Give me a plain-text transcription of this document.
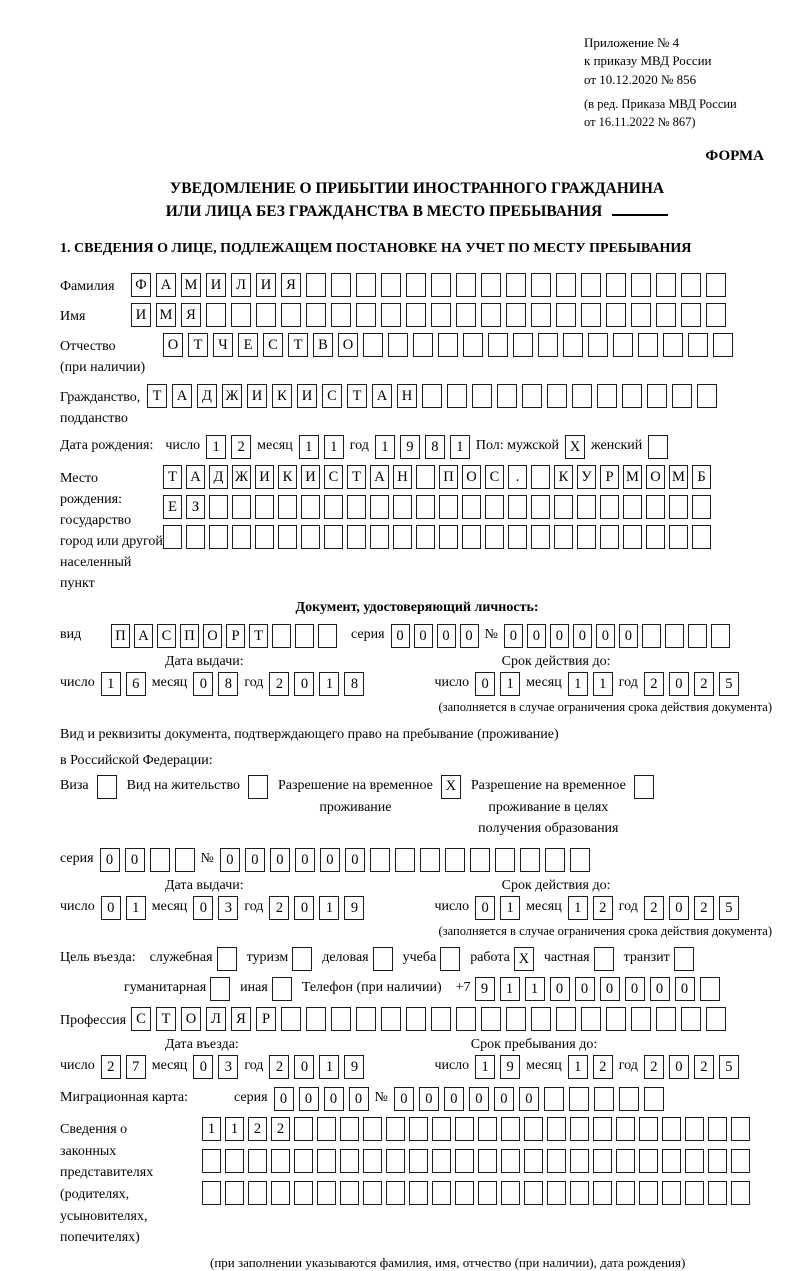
Приложение № 4
к приказу МВД России
от 10.12.2020 № 856
(в ред. Приказа МВД России
от 16.11.2022 № 867)
ФОРМА
УВЕДОМЛЕНИЕ О ПРИБЫТИИ ИНОСТРАННОГО ГРАЖДАНИНА
ИЛИ ЛИЦА БЕЗ ГРАЖДАНСТВА В МЕСТО ПРЕБЫВАНИЯ
1. СВЕДЕНИЯ О ЛИЦЕ, ПОДЛЕЖАЩЕМ ПОСТАНОВКЕ НА УЧЕТ ПО МЕСТУ ПРЕБЫВАНИЯ
Фамилия	Ф А М И	Л	И	Я
Имя	И М Я
Отчество
(при наличии)
О	Т	Ч	Е	С	Т	В	О
Гражданство,
подданство
Т	А	Д Ж И	К	И	С	Т	А	Н
Дата рождения: число 1	2 месяц 1	1 год 1	9	8	1 Пол: мужской X женский
Место рождения:
государство
город или другой
населенный пункт
Т А Д Ж И К И С Т А Н П О С	.	К У Р М О М Б
Е	З
Документ, удостоверяющий личность:
вид	П А С П О Р	Т	серия 0	0	0	0 № 0	0	0	0	0	0
Дата выдачи:	Срок действия до:
число 1	6 месяц 0	8 год 2	0	1	8	число 0	1 месяц 1	1 год 2	0	2	5
(заполняется в случае ограничения срока действия документа)
Вид и реквизиты документа, подтверждающего право на пребывание (проживание)
в Российской Федерации:
Виза	Вид на жительство	Разрешение на временное
проживание
X	Разрешение на временное
проживание в целях
получения образования
серия 0	0	№ 0	0	0	0	0	0
Дата выдачи:	Срок действия до:
число 0	1 месяц 0	3 год 2	0	1	9	число 0	1 месяц 1	2 год 2	0	2	5
(заполняется в случае ограничения срока действия документа)
Цель въезда: служебная туризм деловая учеба работа X	частная транзит
гуманитарная иная Телефон (при наличии) +7 9	1	1	0	0	0	0	0	0
Профессия С	Т	О	Л	Я	Р
Дата въезда:	Срок пребывания до:
число 2	7 месяц 0	3 год 2	0	1	9	число 1	9 месяц 1	2 год 2	0	2	5
Миграционная карта:	серия 0	0	0	0 № 0	0	0	0	0	0
Сведения о
законных
представителях
(родителях,
усыновителях,
попечителях)
1	1	2	2
(при заполнении указываются фамилия, имя, отчество (при наличии), дата рождения)
